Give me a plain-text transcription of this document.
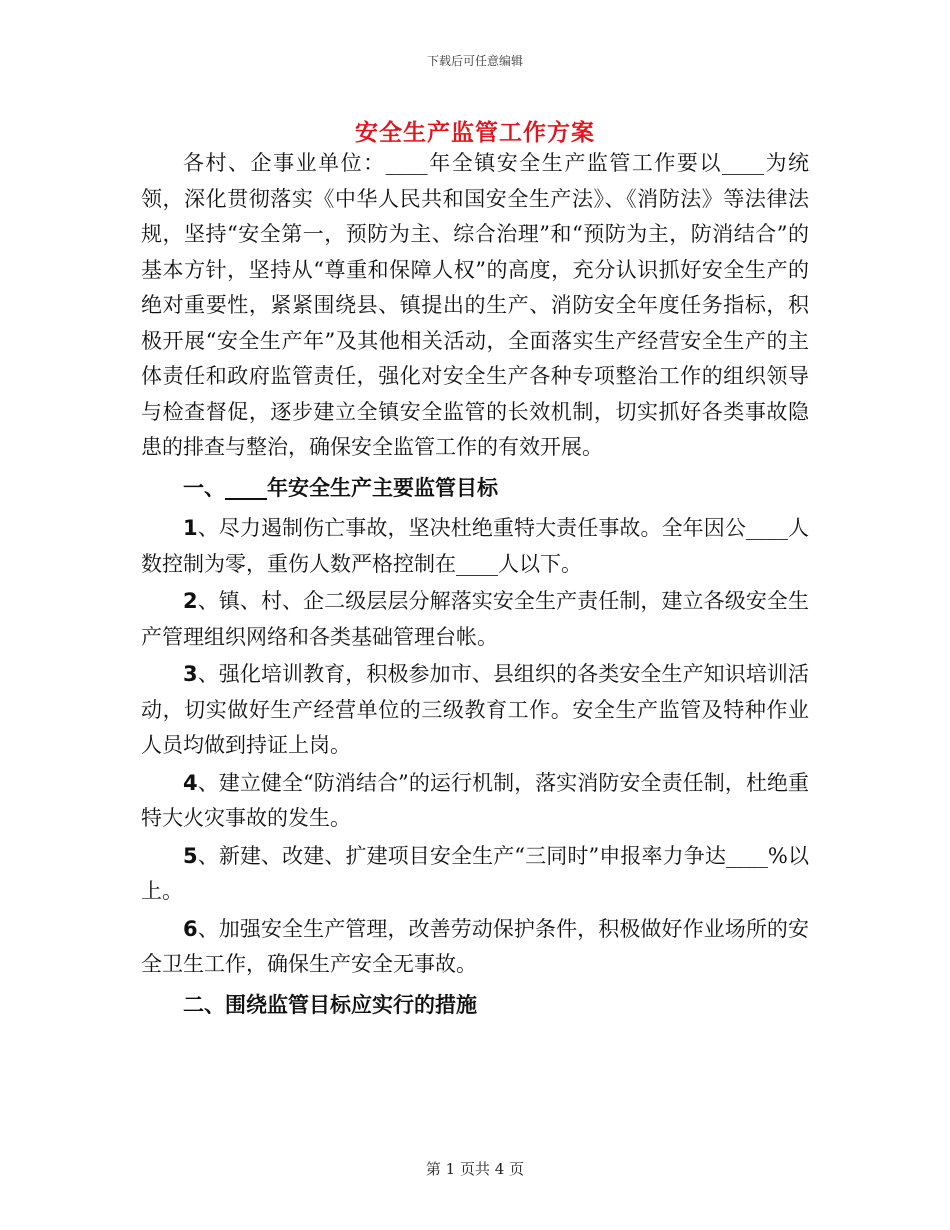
下载后可任意编辑
安全生产监管工作方案

各村、企事业单位：____年全镇安全生产监管工作要以____为统领，深化贯彻落实《中华人民共和国安全生产法》、《消防法》等法律法规，坚持“安全第一，预防为主、综合治理”和“预防为主，防消结合”的基本方针，坚持从“尊重和保障人权”的高度，充分认识抓好安全生产的绝对重要性，紧紧围绕县、镇提出的生产、消防安全年度任务指标，积极开展“安全生产年”及其他相关活动，全面落实生产经营安全生产的主体责任和政府监管责任，强化对安全生产各种专项整治工作的组织领导与检查督促，逐步建立全镇安全监管的长效机制，切实抓好各类事故隐患的排查与整治，确保安全监管工作的有效开展。

一、____年安全生产主要监管目标

1、尽力遏制伤亡事故，坚决杜绝重特大责任事故。全年因公____人数控制为零，重伤人数严格控制在____人以下。

2、镇、村、企二级层层分解落实安全生产责任制，建立各级安全生产管理组织网络和各类基础管理台帐。

3、强化培训教育，积极参加市、县组织的各类安全生产知识培训活动，切实做好生产经营单位的三级教育工作。安全生产监管及特种作业人员均做到持证上岗。

4、建立健全“防消结合”的运行机制，落实消防安全责任制，杜绝重特大火灾事故的发生。

5、新建、改建、扩建项目安全生产“三同时”申报率力争达____%以上。

6、加强安全生产管理，改善劳动保护条件，积极做好作业场所的安全卫生工作，确保生产安全无事故。

二、围绕监管目标应实行的措施

第 1 页共 4 页
